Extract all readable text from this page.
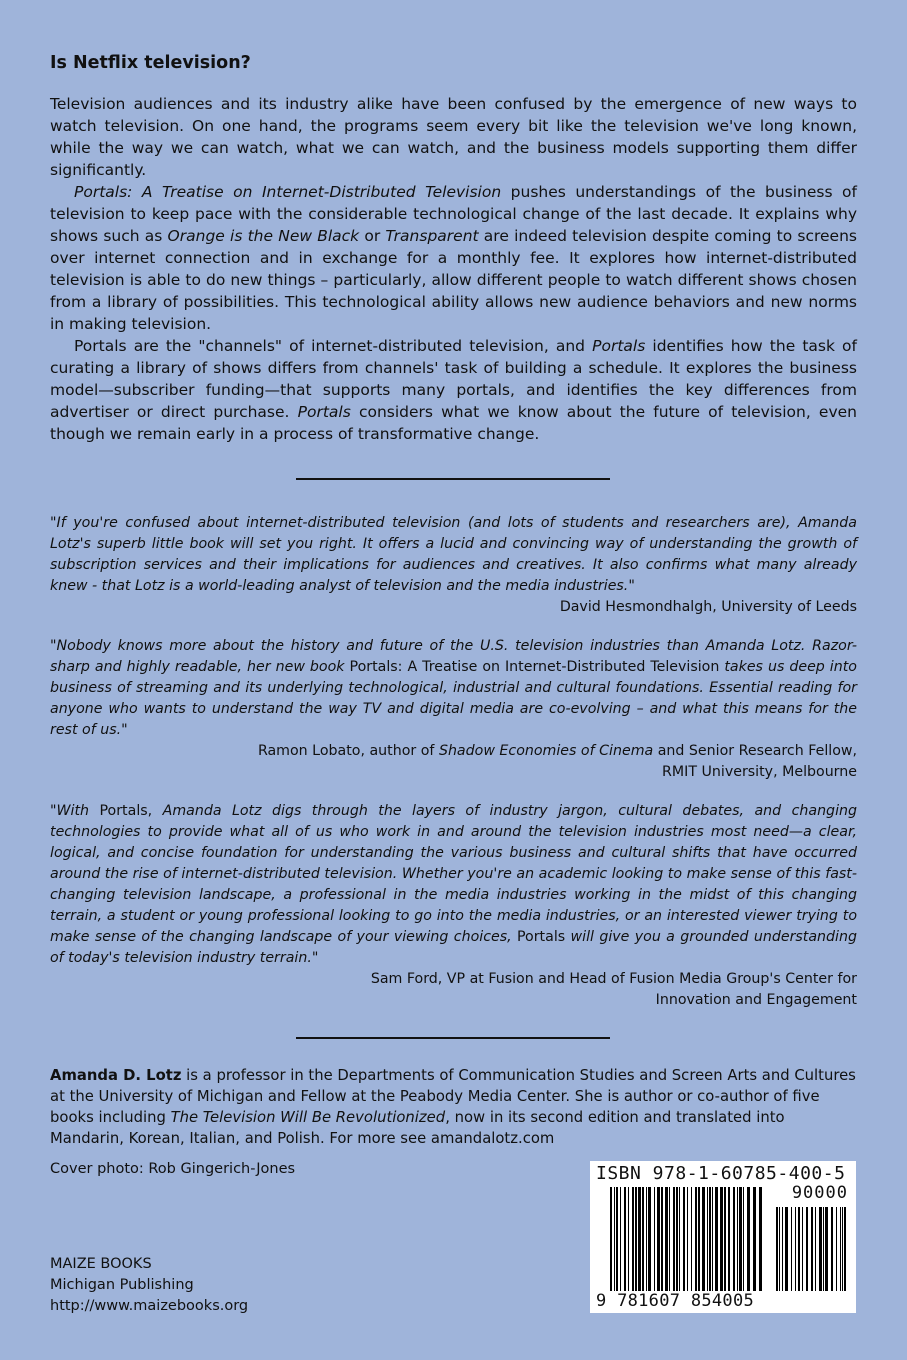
Is Netflix television?

Television audiences and its industry alike have been confused by the emergence of new ways to watch television. On one hand, the programs seem every bit like the television we've long known, while the way we can watch, what we can watch, and the business models supporting them differ significantly.

Portals: A Treatise on Internet-Distributed Television pushes understandings of the business of television to keep pace with the considerable technological change of the last decade. It explains why shows such as Orange is the New Black or Transparent are indeed television despite coming to screens over internet connection and in exchange for a monthly fee. It explores how internet-distributed television is able to do new things – particularly, allow different people to watch different shows chosen from a library of possibilities. This technological ability allows new audience behaviors and new norms in making television.

Portals are the "channels" of internet-distributed television, and Portals identifies how the task of curating a library of shows differs from channels' task of building a schedule. It explores the business model—subscriber funding—that supports many portals, and identifies the key differences from advertiser or direct purchase. Portals considers what we know about the future of television, even though we remain early in a process of transformative change.

"If you're confused about internet-distributed television (and lots of students and researchers are), Amanda Lotz's superb little book will set you right. It offers a lucid and convincing way of understanding the growth of subscription services and their implications for audiences and creatives. It also confirms what many already knew - that Lotz is a world-leading analyst of television and the media industries."

David Hesmondhalgh, University of Leeds

"Nobody knows more about the history and future of the U.S. television industries than Amanda Lotz. Razor-sharp and highly readable, her new book Portals: A Treatise on Internet-Distributed Television takes us deep into business of streaming and its underlying technological, industrial and cultural foundations. Essential reading for anyone who wants to understand the way TV and digital media are co-evolving – and what this means for the rest of us."

Ramon Lobato, author of Shadow Economies of Cinema and Senior Research Fellow,
RMIT University, Melbourne

"With Portals, Amanda Lotz digs through the layers of industry jargon, cultural debates, and changing technologies to provide what all of us who work in and around the television industries most need—a clear, logical, and concise foundation for understanding the various business and cultural shifts that have occurred around the rise of internet-distributed television. Whether you're an academic looking to make sense of this fast-changing television landscape, a professional in the media industries working in the midst of this changing terrain, a student or young professional looking to go into the media industries, or an interested viewer trying to make sense of the changing landscape of your viewing choices, Portals will give you a grounded understanding of today's television industry terrain."

Sam Ford, VP at Fusion and Head of Fusion Media Group's Center for
Innovation and Engagement

Amanda D. Lotz is a professor in the Departments of Communication Studies and Screen Arts and Cultures at the University of Michigan and Fellow at the Peabody Media Center. She is author or co-author of five books including The Television Will Be Revolutionized, now in its second edition and translated into Mandarin, Korean, Italian, and Polish. For more see amandalotz.com

Cover photo: Rob Gingerich-Jones
MAIZE BOOKS
Michigan Publishing
http://www.maizebooks.org
ISBN 978-1-60785-400-5
90000
9 781607 854005
